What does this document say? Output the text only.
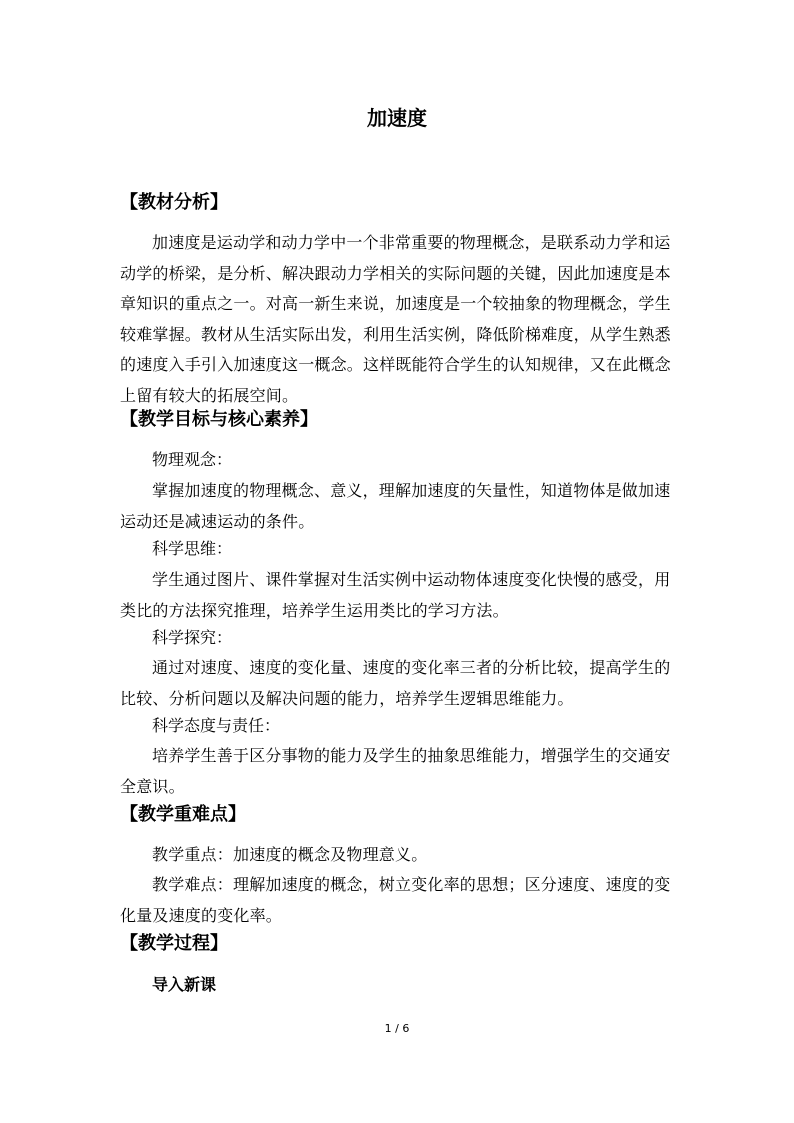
加速度
【教材分析】
加速度是运动学和动力学中一个非常重要的物理概念，是联系动力学和运
动学的桥梁，是分析、解决跟动力学相关的实际问题的关键，因此加速度是本
章知识的重点之一。对高一新生来说，加速度是一个较抽象的物理概念，学生
较难掌握。教材从生活实际出发，利用生活实例，降低阶梯难度，从学生熟悉
的速度入手引入加速度这一概念。这样既能符合学生的认知规律，又在此概念
上留有较大的拓展空间。
【教学目标与核心素养】
物理观念：
掌握加速度的物理概念、意义，理解加速度的矢量性，知道物体是做加速
运动还是减速运动的条件。
科学思维：
学生通过图片、课件掌握对生活实例中运动物体速度变化快慢的感受，用
类比的方法探究推理，培养学生运用类比的学习方法。
科学探究：
通过对速度、速度的变化量、速度的变化率三者的分析比较，提高学生的
比较、分析问题以及解决问题的能力，培养学生逻辑思维能力。
科学态度与责任：
培养学生善于区分事物的能力及学生的抽象思维能力，增强学生的交通安
全意识。
【教学重难点】
教学重点：加速度的概念及物理意义。
教学难点：理解加速度的概念，树立变化率的思想；区分速度、速度的变
化量及速度的变化率。
【教学过程】
导入新课
1 / 6
